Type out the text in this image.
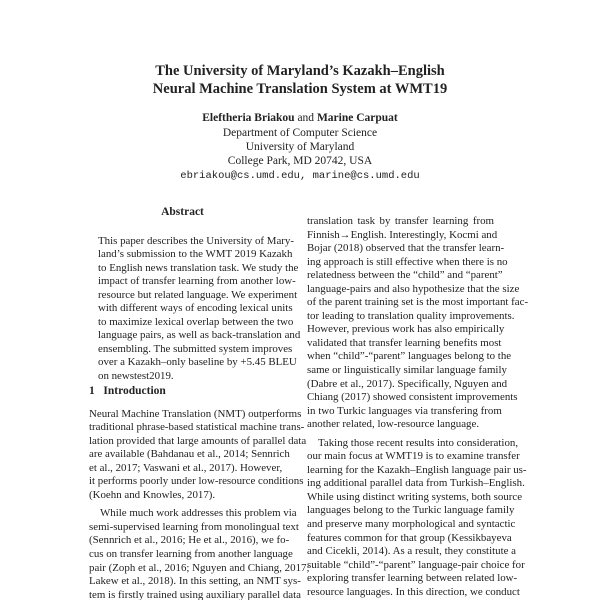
The University of Maryland’s Kazakh–English
Neural Machine Translation System at WMT19
Eleftheria Briakou and Marine Carpuat
Department of Computer Science
University of Maryland
College Park, MD 20742, USA
ebriakou@cs.umd.edu, marine@cs.umd.edu
Abstract
This paper describes the University of Mary-
land’s submission to the WMT 2019 Kazakh
to English news translation task. We study the
impact of transfer learning from another low-
resource but related language. We experiment
with different ways of encoding lexical units
to maximize lexical overlap between the two
language pairs, as well as back-translation and
ensembling. The submitted system improves
over a Kazakh–only baseline by +5.45 BLEU
on newstest2019.
1 Introduction
Neural Machine Translation (NMT) outperforms
traditional phrase-based statistical machine trans-
lation provided that large amounts of parallel data
are available (Bahdanau et al., 2014; Sennrich
et al., 2017; Vaswani et al., 2017). However,
it performs poorly under low-resource conditions
(Koehn and Knowles, 2017).
While much work addresses this problem via
semi-supervised learning from monolingual text
(Sennrich et al., 2016; He et al., 2016), we fo-
cus on transfer learning from another language
pair (Zoph et al., 2016; Nguyen and Chiang, 2017;
Lakew et al., 2018). In this setting, an NMT sys-
tem is firstly trained using auxiliary parallel data
translation task by transfer learning from
Finnish→English. Interestingly, Kocmi and
Bojar (2018) observed that the transfer learn-
ing approach is still effective when there is no
relatedness between the “child” and “parent”
language-pairs and also hypothesize that the size
of the parent training set is the most important fac-
tor leading to translation quality improvements.
However, previous work has also empirically
validated that transfer learning benefits most
when “child”-“parent” languages belong to the
same or linguistically similar language family
(Dabre et al., 2017). Specifically, Nguyen and
Chiang (2017) showed consistent improvements
in two Turkic languages via transfering from
another related, low-resource language.
Taking those recent results into consideration,
our main focus at WMT19 is to examine transfer
learning for the Kazakh–English language pair us-
ing additional parallel data from Turkish–English.
While using distinct writing systems, both source
languages belong to the Turkic language family
and preserve many morphological and syntactic
features common for that group (Kessikbayeva
and Cicekli, 2014). As a result, they constitute a
suitable “child”-“parent” language-pair choice for
exploring transfer learning between related low-
resource languages. In this direction, we conduct
